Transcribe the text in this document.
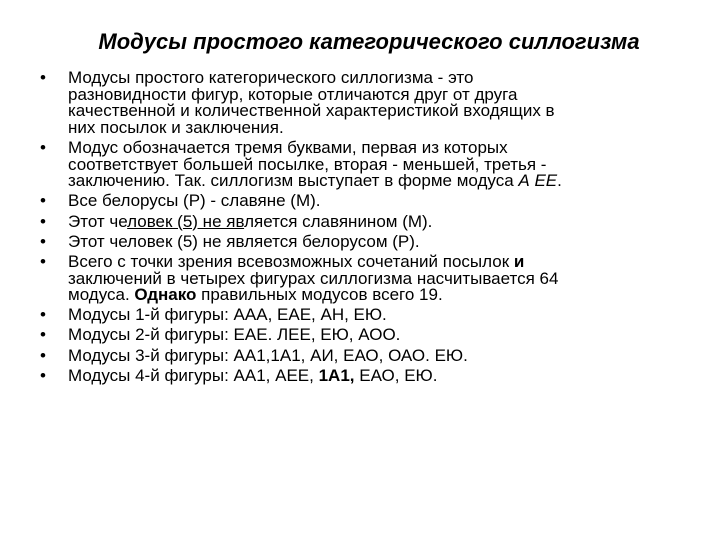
Модусы простого категорического силлогизма
• Модусы простого категорического силлогизма - это
разновидности фигур, которые отличаются друг от друга
качественной и количественной характеристикой входящих в
них посылок и заключения.
• Модус обозначается тремя буквами, первая из которых
соответствует большей посылке, вторая - меньшей, третья -
заключению. Так. силлогизм выступает в форме модуса А ЕЕ.
• Все белорусы (Р) - славяне (М).
• Этот человек (5) не является славянином (М).
• Этот человек (5) не является белорусом (Р).
• Всего с точки зрения всевозможных сочетаний посылок и
заключений в четырех фигурах силлогизма насчитывается 64
модуса. Однако правильных модусов всего 19.
• Модусы 1-й фигуры: ААА, ЕАЕ, АН, ЕЮ.
• Модусы 2-й фигуры: ЕАЕ. ЛЕЕ, ЕЮ, АОО.
• Модусы 3-й фигуры: АА1,1А1, АИ, ЕАО, ОАО. ЕЮ.
• Модусы 4-й фигуры: АА1, АЕЕ, 1А1, ЕАО, ЕЮ.
